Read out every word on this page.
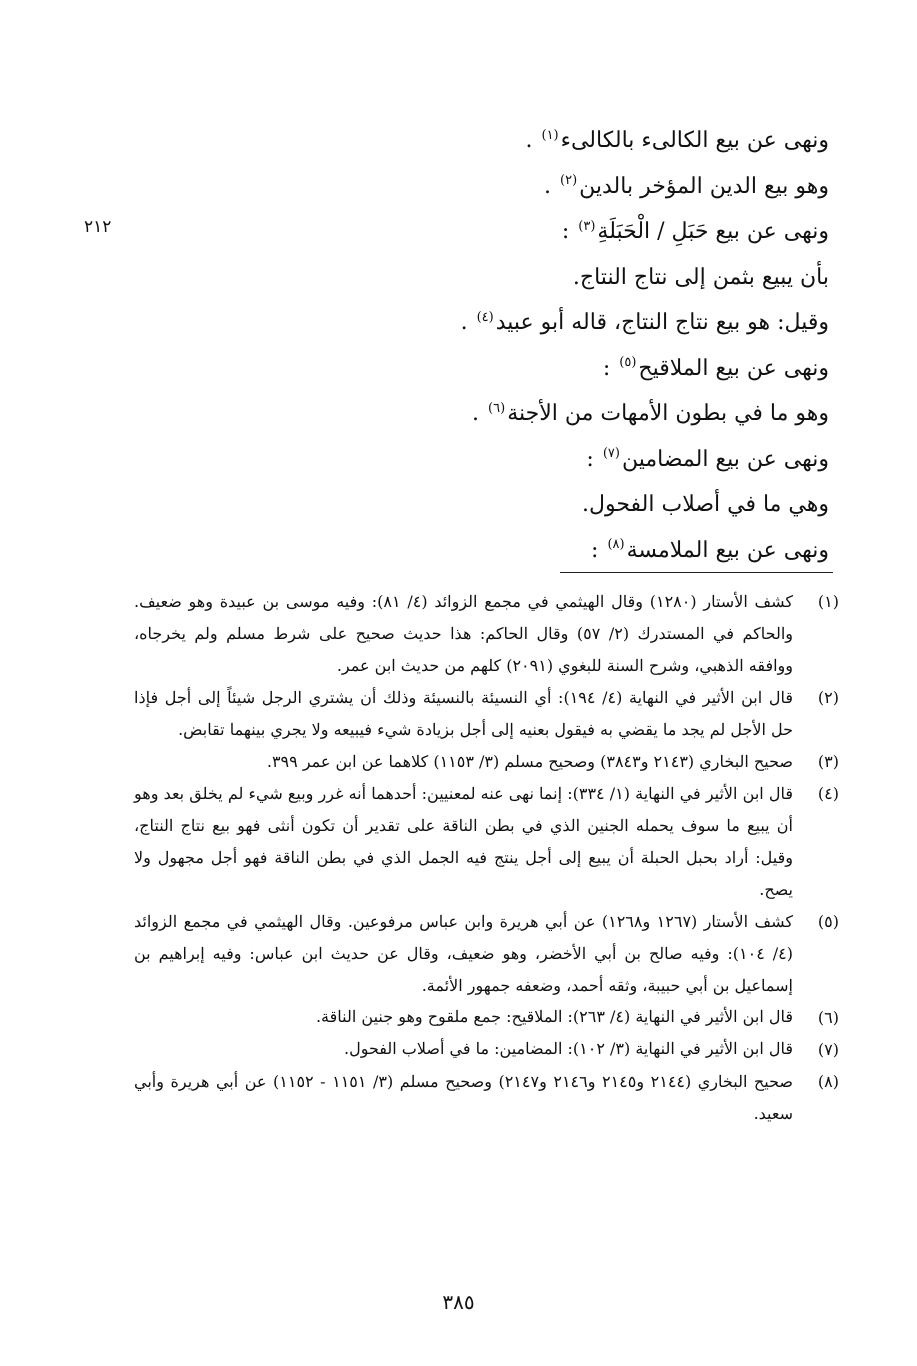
٢١٢
ونهى عن بيع الكالىء بالكالىء$^{(١)}$ .
وهو بيع الدين المؤخر بالدين$^{(٢)}$ .
ونهى عن بيع حَبَلِ / الْحَبَلَةِ$^{(٣)}$ :
بأن يبيع بثمن إلى نتاج النتاج.
وقيل: هو بيع نتاج النتاج، قاله أبو عبيد$^{(٤)}$ .
ونهى عن بيع الملاقيح$^{(٥)}$ :
وهو ما في بطون الأمهات من الأجنة$^{(٦)}$ .
ونهى عن بيع المضامين$^{(٧)}$ :
وهي ما في أصلاب الفحول.
ونهى عن بيع الملامسة$^{(٨)}$ :
(١)
كشف الأستار (١٢٨٠) وقال الهيثمي في مجمع الزوائد (٤/ ٨١): وفيه موسى بن عبيدة وهو ضعيف. والحاكم في المستدرك (٢/ ٥٧) وقال الحاكم: هذا حديث صحيح على شرط مسلم ولم يخرجاه، ووافقه الذهبي، وشرح السنة للبغوي (٢٠٩١) كلهم من حديث ابن عمر.
(٢)
قال ابن الأثير في النهاية (٤/ ١٩٤): أي النسيئة بالنسيئة وذلك أن يشتري الرجل شيئاً إلى أجل فإذا حل الأجل لم يجد ما يقضي به فيقول بعنيه إلى أجل بزيادة شيء فيبيعه ولا يجري بينهما تقابض.
(٣)
صحيح البخاري (٢١٤٣ و٣٨٤٣) وصحيح مسلم (٣/ ١١٥٣) كلاهما عن ابن عمر ٣٩٩.
(٤)
قال ابن الأثير في النهاية (١/ ٣٣٤): إنما نهى عنه لمعنيين: أحدهما أنه غرر وبيع شيء لم يخلق بعد وهو أن يبيع ما سوف يحمله الجنين الذي في بطن الناقة على تقدير أن تكون أنثى فهو بيع نتاج النتاج، وقيل: أراد بحبل الحبلة أن يبيع إلى أجل ينتج فيه الجمل الذي في بطن الناقة فهو أجل مجهول ولا يصح.
(٥)
كشف الأستار (١٢٦٧ و١٢٦٨) عن أبي هريرة وابن عباس مرفوعين. وقال الهيثمي في مجمع الزوائد (٤/ ١٠٤): وفيه صالح بن أبي الأخضر، وهو ضعيف، وقال عن حديث ابن عباس: وفيه إبراهيم بن إسماعيل بن أبي حبيبة، وثقه أحمد، وضعفه جمهور الأئمة.
(٦)
قال ابن الأثير في النهاية (٤/ ٢٦٣): الملاقيح: جمع ملقوح وهو جنين الناقة.
(٧)
قال ابن الأثير في النهاية (٣/ ١٠٢): المضامين: ما في أصلاب الفحول.
(٨)
صحيح البخاري (٢١٤٤ و٢١٤٥ و٢١٤٦ و٢١٤٧) وصحيح مسلم (٣/ ١١٥١ - ١١٥٢) عن أبي هريرة وأبي سعيد.
٣٨٥
